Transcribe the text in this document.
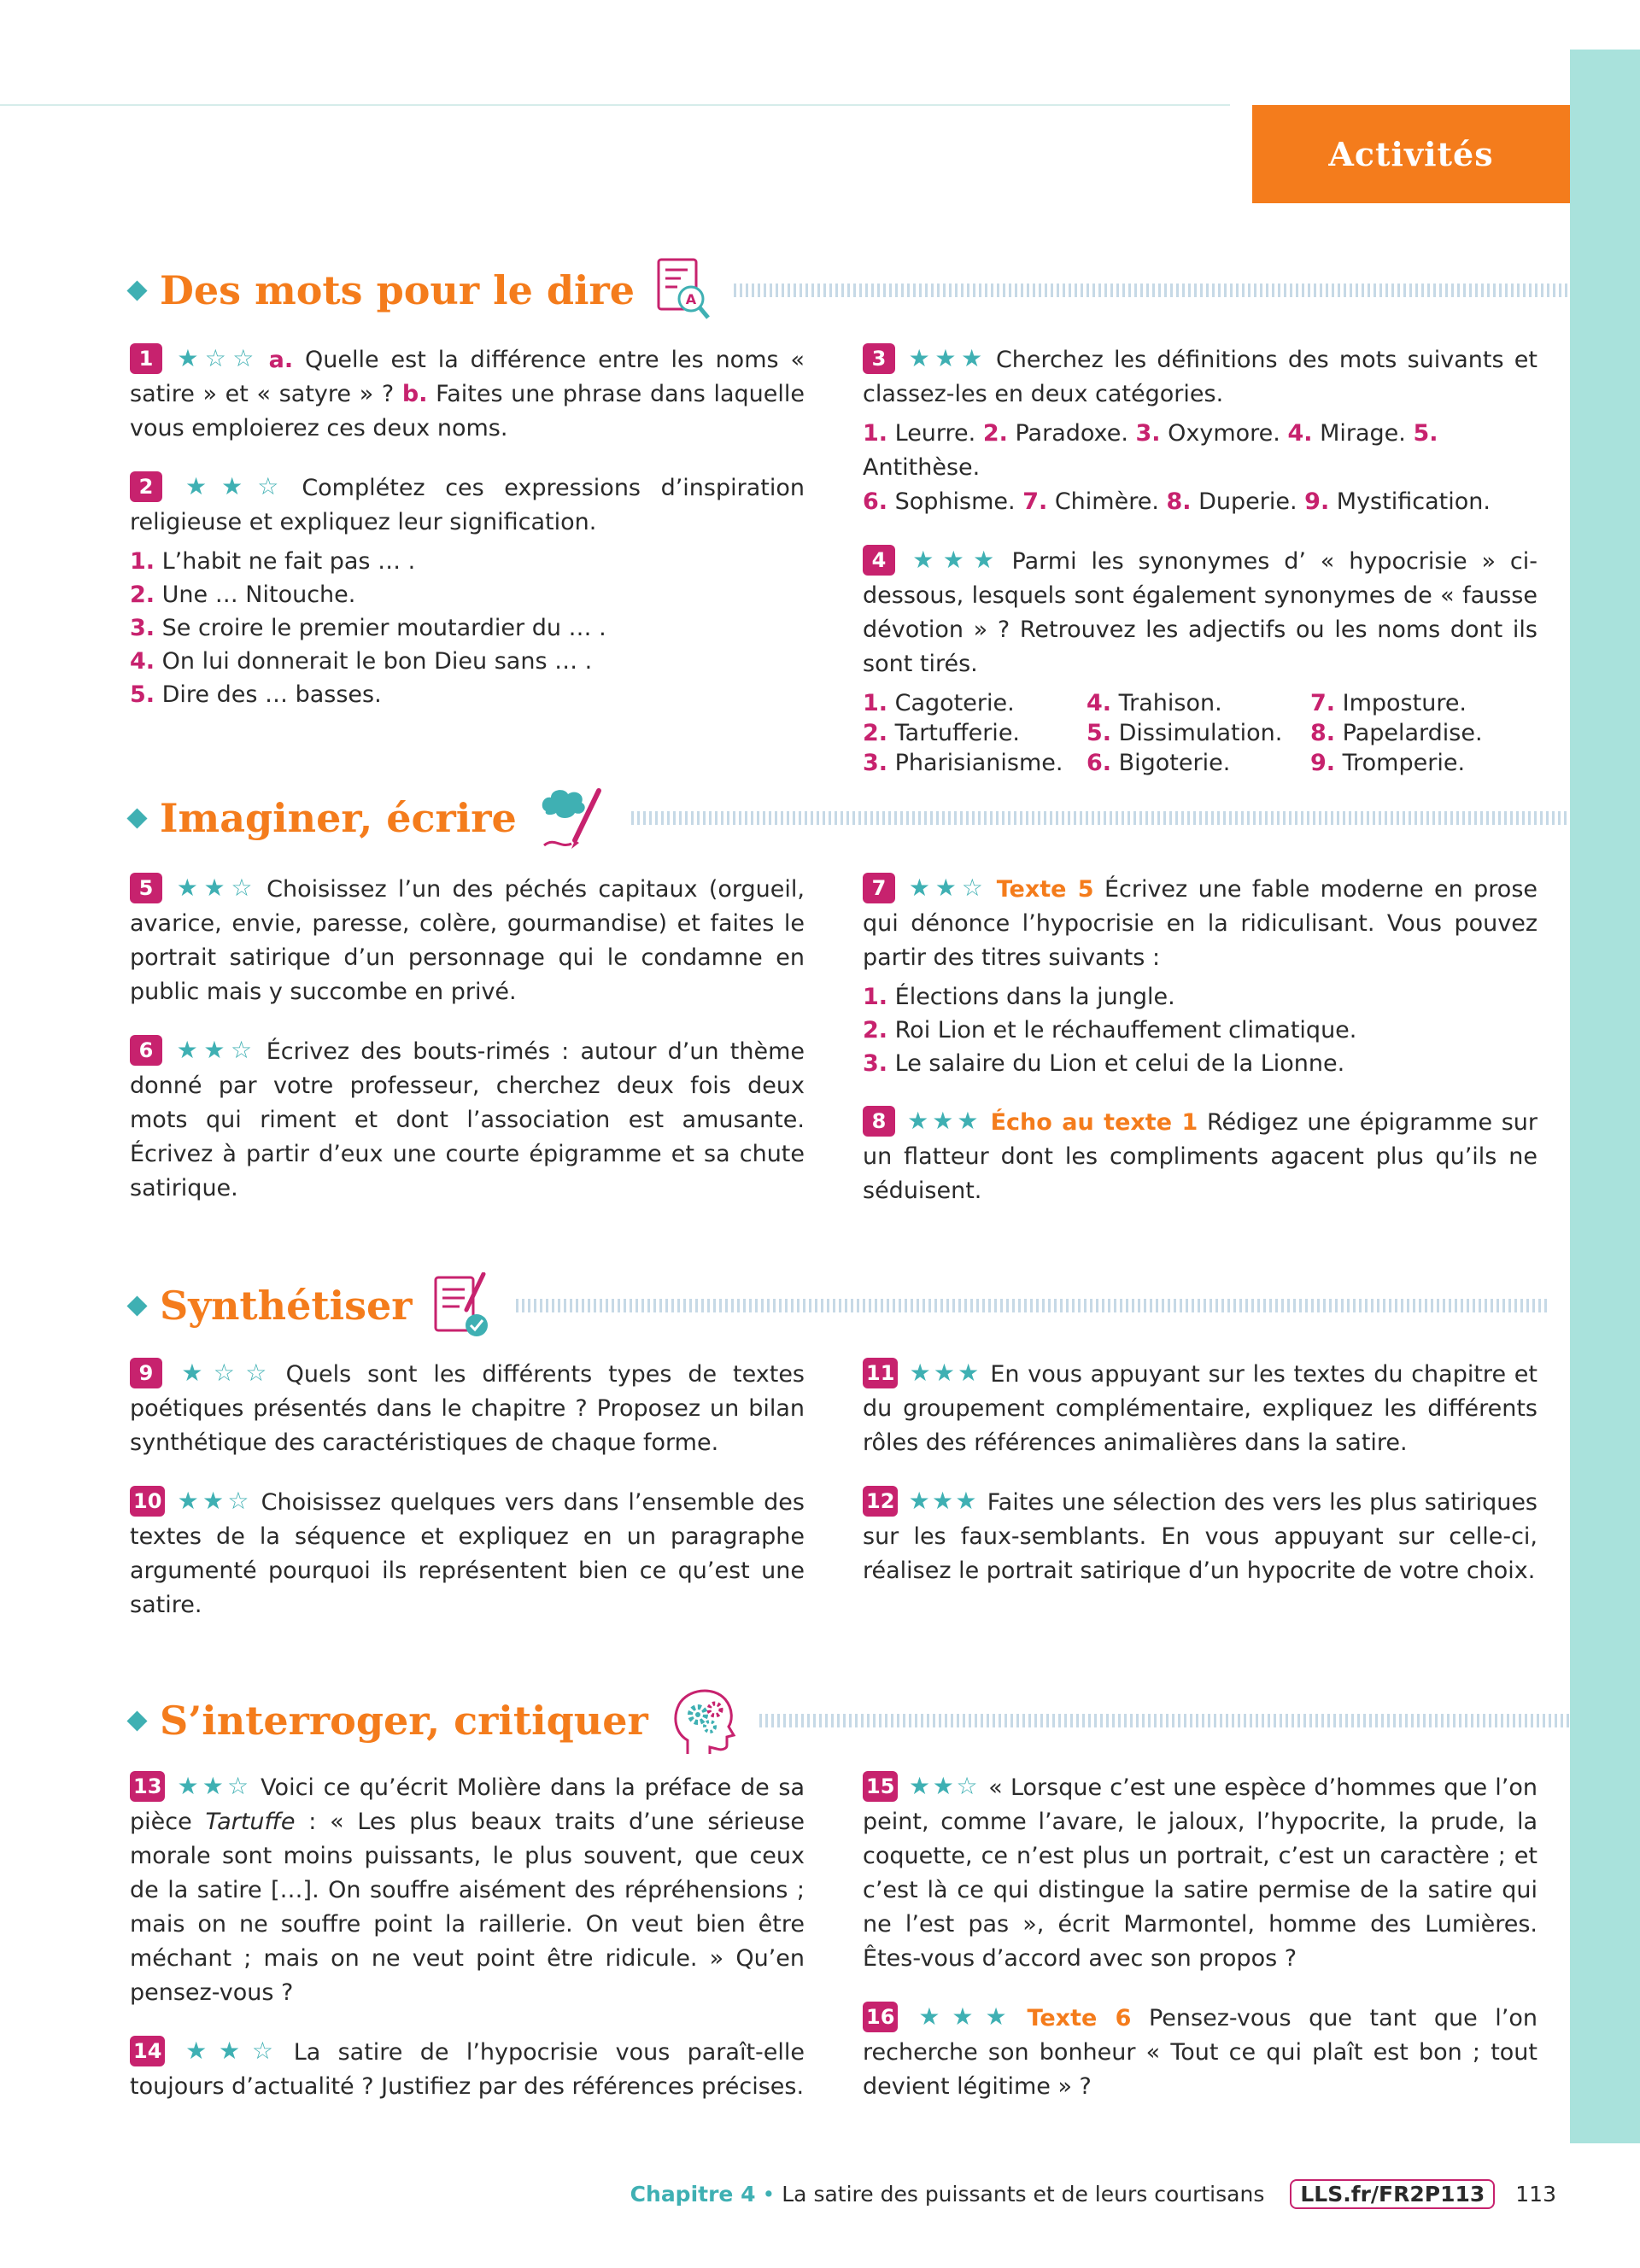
Activités
Des mots pour le dire	A

1 ★☆☆ a. Quelle est la différence entre les noms « satire » et « satyre » ? b. Faites une phrase dans laquelle vous emploierez ces deux noms.

2 ★★☆ Complétez ces expressions d’inspiration religieuse et expliquez leur signification.

1. L’habit ne fait pas … .
2. Une … Nitouche.
3. Se croire le premier moutardier du … .
4. On lui donnerait le bon Dieu sans … .
5. Dire des … basses.

3 ★★★ Cherchez les définitions des mots suivants et classez-les en deux catégories.

1. Leurre. 2. Paradoxe. 3. Oxymore. 4. Mirage. 5. Antithèse.
6. Sophisme. 7. Chimère. 8. Duperie. 9. Mystification.

4 ★★★ Parmi les synonymes d’ « hypocrisie » ci-dessous, lesquels sont également synonymes de « fausse dévotion » ? Retrouvez les adjectifs ou les noms dont ils sont tirés.

1. Cagoterie.	4. Trahison.	7. Imposture.
2. Tartufferie.	5. Dissimulation.	8. Papelardise.
3. Pharisianisme.	6. Bigoterie.	9. Tromperie.
Imaginer, écrire

5 ★★☆ Choisissez l’un des péchés capitaux (orgueil, avarice, envie, paresse, colère, gourmandise) et faites le portrait satirique d’un personnage qui le condamne en public mais y succombe en privé.

6 ★★☆ Écrivez des bouts-rimés : autour d’un thème donné par votre professeur, cherchez deux fois deux mots qui riment et dont l’association est amusante. Écrivez à partir d’eux une courte épigramme et sa chute satirique.

7 ★★☆ Texte 5 Écrivez une fable moderne en prose qui dénonce l’hypocrisie en la ridiculisant. Vous pouvez partir des titres suivants :

1. Élections dans la jungle.
2. Roi Lion et le réchauffement climatique.
3. Le salaire du Lion et celui de la Lionne.

8 ★★★ Écho au texte 1 Rédigez une épigramme sur un flatteur dont les compliments agacent plus qu’ils ne séduisent.

Synthétiser

9 ★☆☆ Quels sont les différents types de textes poétiques présentés dans le chapitre ? Proposez un bilan synthétique des caractéristiques de chaque forme.

10 ★★☆ Choisissez quelques vers dans l’ensemble des textes de la séquence et expliquez en un paragraphe argumenté pourquoi ils représentent bien ce qu’est une satire.

11 ★★★ En vous appuyant sur les textes du chapitre et du groupement complémentaire, expliquez les différents rôles des références animalières dans la satire.

12 ★★★ Faites une sélection des vers les plus satiriques sur les faux-semblants. En vous appuyant sur celle-ci, réalisez le portrait satirique d’un hypocrite de votre choix.

S’interroger, critiquer

13 ★★☆ Voici ce qu’écrit Molière dans la préface de sa pièce Tartuffe : « Les plus beaux traits d’une sérieuse morale sont moins puissants, le plus souvent, que ceux de la satire […]. On souffre aisément des répréhensions ; mais on ne souffre point la raillerie. On veut bien être méchant ; mais on ne veut point être ridicule. » Qu’en pensez-vous ?

14 ★★☆ La satire de l’hypocrisie vous paraît-elle toujours d’actualité ? Justifiez par des références précises.

15 ★★☆ « Lorsque c’est une espèce d’hommes que l’on peint, comme l’avare, le jaloux, l’hypocrite, la prude, la coquette, ce n’est plus un portrait, c’est un caractère ; et c’est là ce qui distingue la satire permise de la satire qui ne l’est pas », écrit Marmontel, homme des Lumières. Êtes-vous d’accord avec son propos ?

16 ★★★ Texte 6 Pensez-vous que tant que l’on recherche son bonheur « Tout ce qui plaît est bon ; tout devient légitime » ?

Chapitre 4 • La satire des puissants et de leurs courtisans	LLS.fr/FR2P113	113
